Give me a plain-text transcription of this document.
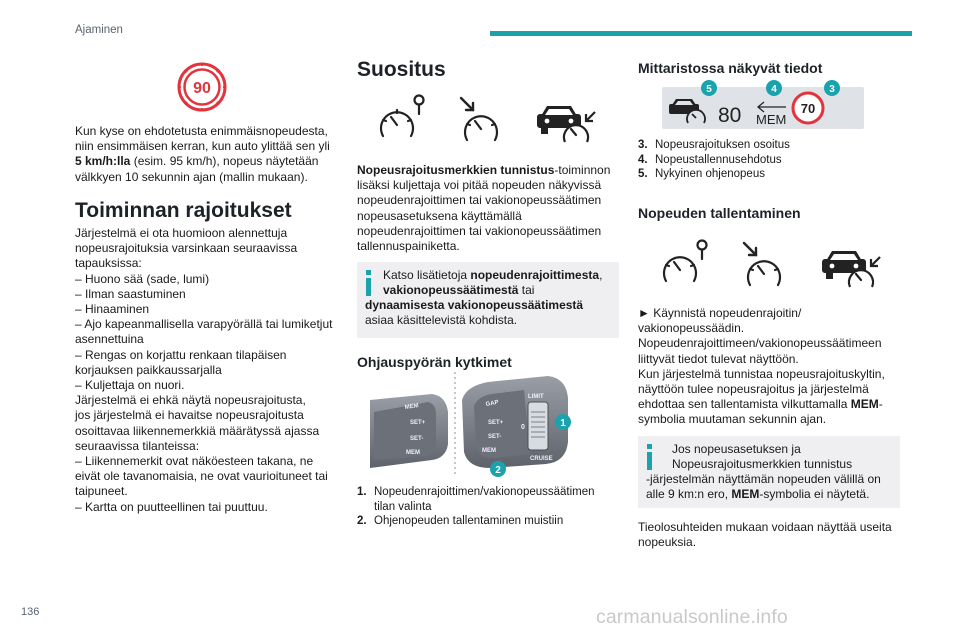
Ajaminen
136	carmanualsonline.info
90
Kun kyse on ehdotetusta enimmäisnopeudesta,
niin ensimmäisen kerran, kun auto ylittää sen yli
5 km/h:lla (esim. 95 km/h), nopeus näytetään
välkkyen 10 sekunnin ajan (mallin mukaan).
Toiminnan rajoitukset
Järjestelmä ei ota huomioon alennettuja
nopeusrajoituksia varsinkaan seuraavissa
tapauksissa:
– Huono sää (sade, lumi)
– Ilman saastuminen
– Hinaaminen
– Ajo kapeanmallisella varapyörällä tai lumiketjut
asennettuina
– Rengas on korjattu renkaan tilapäisen
korjauksen paikkaussarjalla
– Kuljettaja on nuori.
Järjestelmä ei ehkä näytä nopeusrajoitusta,
jos järjestelmä ei havaitse nopeusrajoitusta
osoittavaa liikennemerkkiä määrätyssä ajassa
seuraavissa tilanteissa:
– Liikennemerkit ovat näköesteen takana, ne
eivät ole tavanomaisia, ne ovat vaurioituneet tai
taipuneet.
– Kartta on puutteellinen tai puuttuu.
Suositus
Nopeusrajoitusmerkkien tunnistus-toiminnon
lisäksi kuljettaja voi pitää nopeuden näkyvissä
nopeudenrajoittimen tai vakionopeussäätimen
nopeusasetuksena käyttämällä
nopeudenrajoittimen tai vakionopeussäätimen
tallennuspainiketta.
Katso lisätietoja nopeudenrajoittimesta,
vakionopeussäätimestä tai
dynaamisesta vakionopeussäätimestä
asiaa käsittelevistä kohdista.
Ohjauspyörän kytkimet
MEM
SET+
SET-
MEM
GAP
SET+
SET-
MEM
LIMIT
0
CRUISE
1
2
1. Nopeudenrajoittimen/vakionopeussäätimen
tilan valinta
2. Ohjenopeuden tallentaminen muistiin
Mittaristossa näkyvät tiedot
80 MEM
70
5	4	3
3. Nopeusrajoituksen osoitus
4. Nopeustallennusehdotus
5. Nykyinen ohjenopeus
Nopeuden tallentaminen
► Käynnistä nopeudenrajoitin/
vakionopeussäädin.
Nopeudenrajoittimeen/vakionopeussäätimeen
liittyvät tiedot tulevat näyttöön.
Kun järjestelmä tunnistaa nopeusrajoituskyltin,
näyttöön tulee nopeusrajoitus ja järjestelmä
ehdottaa sen tallentamista vilkuttamalla MEM-
symbolia muutaman sekunnin ajan.
Jos nopeusasetuksen ja
Nopeusrajoitusmerkkien tunnistus
-järjestelmän näyttämän nopeuden välillä on
alle 9 km:n ero, MEM-symbolia ei näytetä.
Tieolosuhteiden mukaan voidaan näyttää useita
nopeuksia.
